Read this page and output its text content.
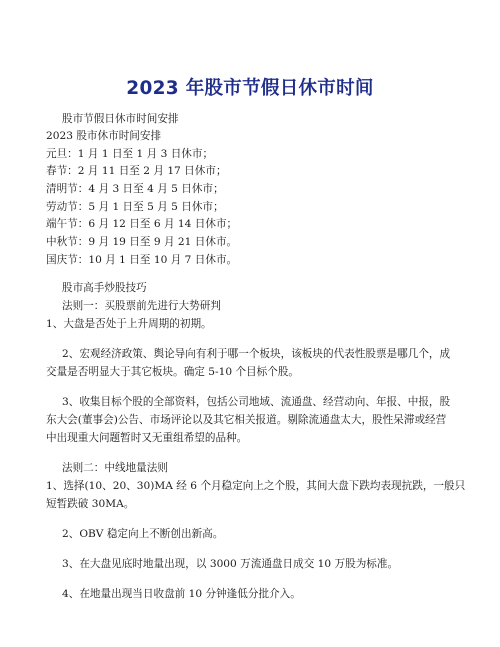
2023 年股市节假日休市时间
股市节假日休市时间安排
2023 股市休市时间安排
元旦：1 月 1 日至 1 月 3 日休市；
春节：2 月 11 日至 2 月 17 日休市；
清明节：4 月 3 日至 4 月 5 日休市；
劳动节：5 月 1 日至 5 月 5 日休市；
端午节：6 月 12 日至 6 月 14 日休市；
中秋节：9 月 19 日至 9 月 21 日休市。
国庆节：10 月 1 日至 10 月 7 日休市。
股市高手炒股技巧
法则一：买股票前先进行大势研判
1、大盘是否处于上升周期的初期。
2、宏观经济政策、舆论导向有利于哪一个板块，该板块的代表性股票是哪几个，成
交量是否明显大于其它板块。确定 5-10 个目标个股。
3、收集目标个股的全部资料，包括公司地域、流通盘、经营动向、年报、中报，股
东大会(董事会)公告、市场评论以及其它相关报道。剔除流通盘太大，股性呆滞或经营
中出现重大问题暂时又无重组希望的品种。
法则二：中线地量法则
1、选择(10、20、30)MA 经 6 个月稳定向上之个股，其间大盘下跌均表现抗跌，一般只
短暂跌破 30MA。
2、OBV 稳定向上不断创出新高。
3、在大盘见底时地量出现，以 3000 万流通盘日成交 10 万股为标准。
4、在地量出现当日收盘前 10 分钟逢低分批介入。
